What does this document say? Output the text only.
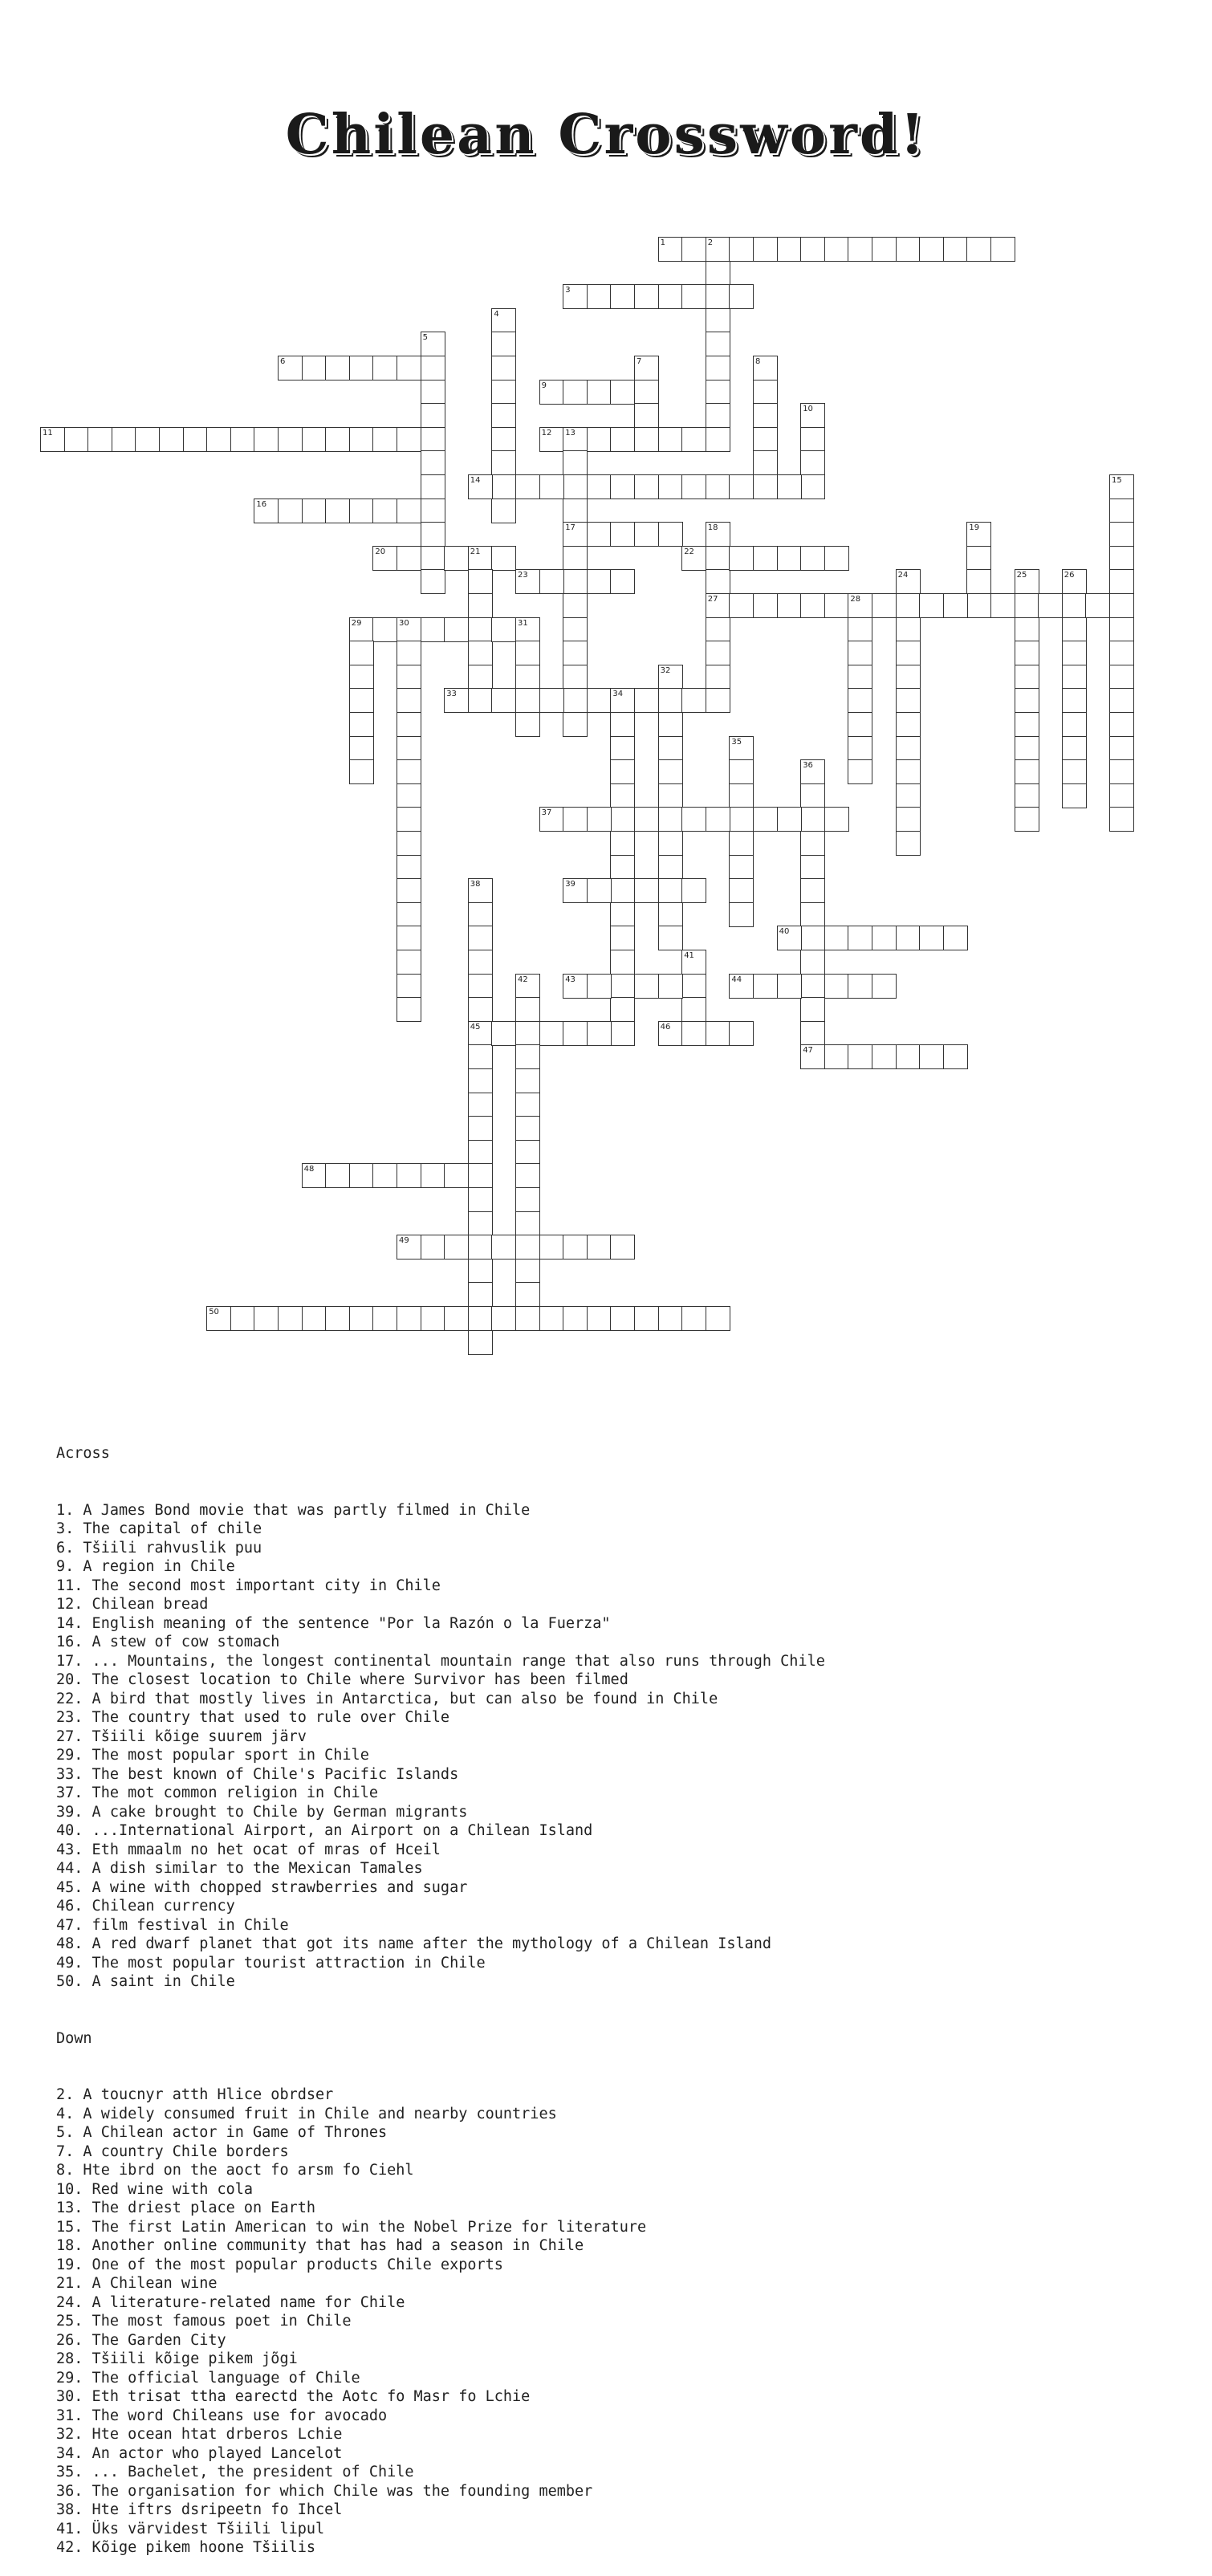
Chilean Crossword!
1	2
3
4
5
6	7	8
9
10
11	12 13
14	15
16
17	18	19
20	21	22
23	24	25	26
27	28
29	30	31
32
33	34
35
36
37
38	39
40
41
42	43	44
45	46
47
48
49
50

Across

1. A James Bond movie that was partly filmed in Chile
3. The capital of chile
6. Tšiili rahvuslik puu
9. A region in Chile
11. The second most important city in Chile
12. Chilean bread
14. English meaning of the sentence "Por la Razón o la Fuerza"
16. A stew of cow stomach
17. ... Mountains, the longest continental mountain range that also runs through Chile
20. The closest location to Chile where Survivor has been filmed
22. A bird that mostly lives in Antarctica, but can also be found in Chile
23. The country that used to rule over Chile
27. Tšiili kõige suurem järv
29. The most popular sport in Chile
33. The best known of Chile's Pacific Islands
37. The mot common religion in Chile
39. A cake brought to Chile by German migrants
40. ...International Airport, an Airport on a Chilean Island
43. Eth mmaalm no het ocat of mras of Hceil
44. A dish similar to the Mexican Tamales
45. A wine with chopped strawberries and sugar
46. Chilean currency
47. film festival in Chile
48. A red dwarf planet that got its name after the mythology of a Chilean Island
49. The most popular tourist attraction in Chile
50. A saint in Chile

Down

2. A toucnyr atth Hlice obrdser
4. A widely consumed fruit in Chile and nearby countries
5. A Chilean actor in Game of Thrones
7. A country Chile borders
8. Hte ibrd on the aoct fo arsm fo Ciehl
10. Red wine with cola
13. The driest place on Earth
15. The first Latin American to win the Nobel Prize for literature
18. Another online community that has had a season in Chile
19. One of the most popular products Chile exports
21. A Chilean wine
24. A literature-related name for Chile
25. The most famous poet in Chile
26. The Garden City
28. Tšiili kõige pikem jõgi
29. The official language of Chile
30. Eth trisat ttha earectd the Aotc fo Masr fo Lchie
31. The word Chileans use for avocado
32. Hte ocean htat drberos Lchie
34. An actor who played Lancelot
35. ... Bachelet, the president of Chile
36. The organisation for which Chile was the founding member
38. Hte iftrs dsripeetn fo Ihcel
41. Üks värvidest Tšiili lipul
42. Kõige pikem hoone Tšiilis
